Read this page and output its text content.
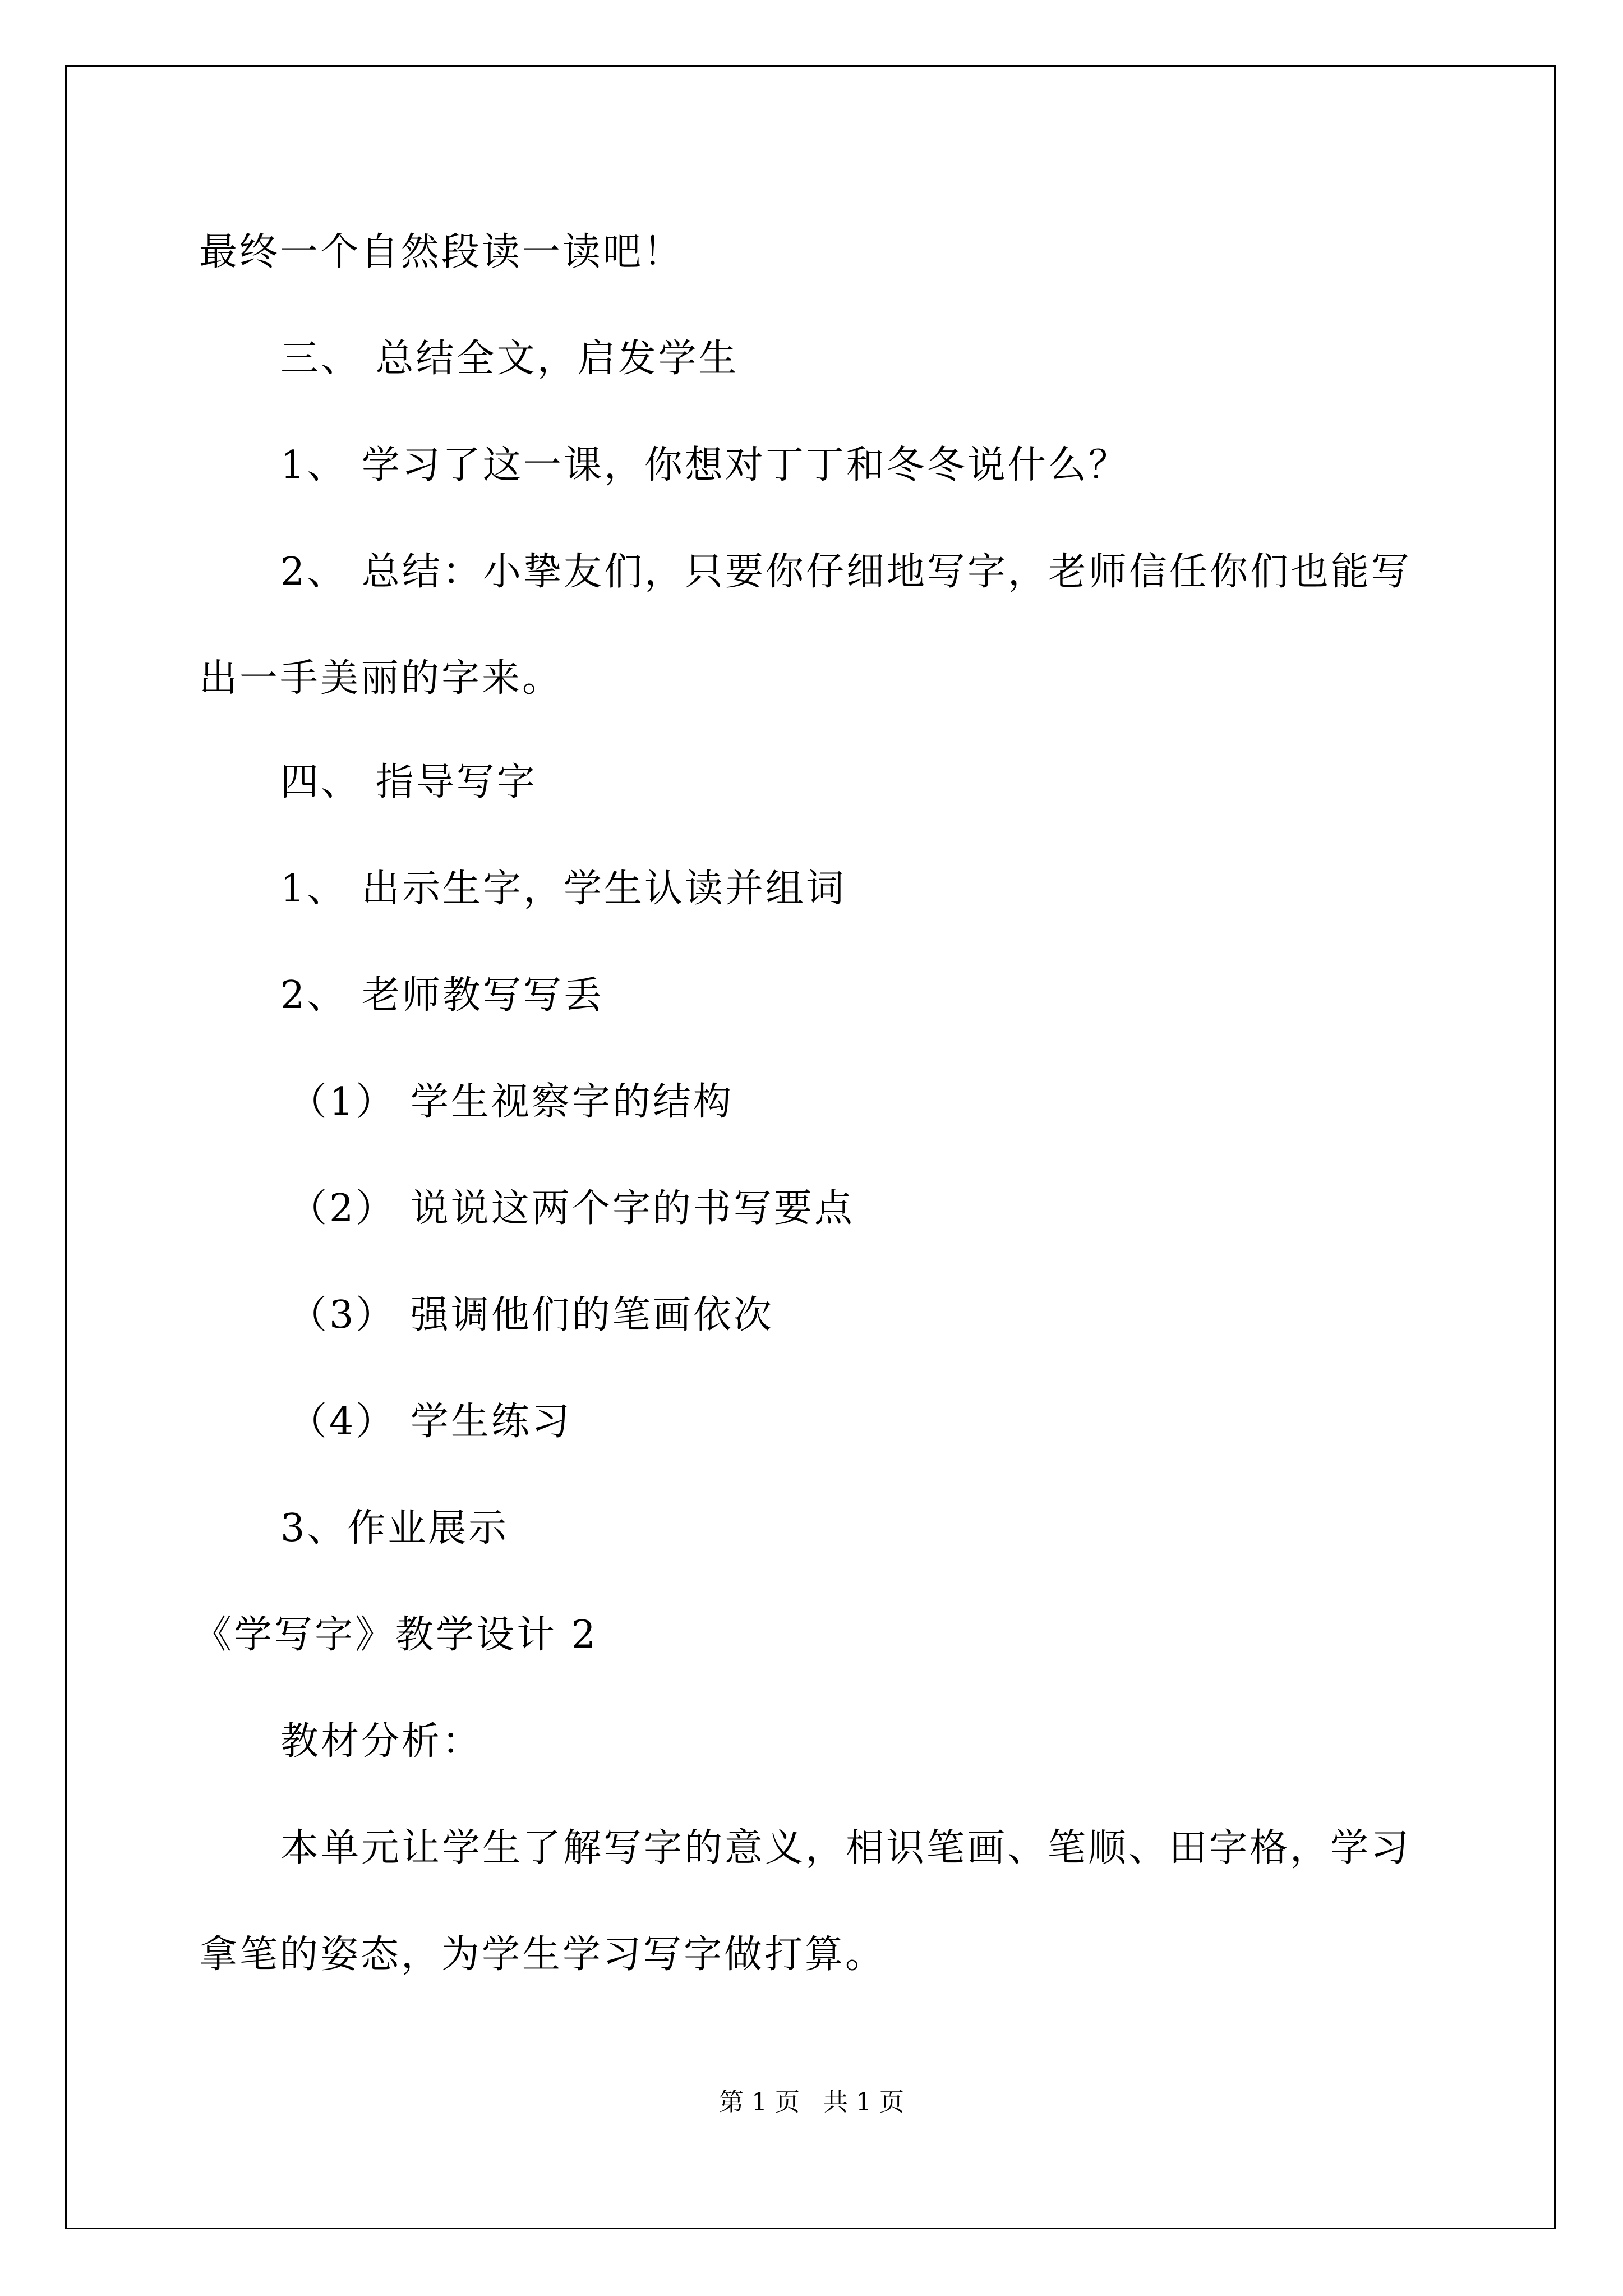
最终一个自然段读一读吧！
三、 总结全文，启发学生
1、 学习了这一课，你想对丁丁和冬冬说什么？
2、 总结：小挚友们，只要你仔细地写字，老师信任你们也能写
出一手美丽的字来。
四、 指导写字
1、 出示生字，学生认读并组词
2、 老师教写写丢
（1） 学生视察字的结构
（2） 说说这两个字的书写要点
（3） 强调他们的笔画依次
（4） 学生练习
3、作业展示
《学写字》教学设计 2
教材分析：
本单元让学生了解写字的意义，相识笔画、笔顺、田字格，学习
拿笔的姿态，为学生学习写字做打算。
第 1 页   共 1 页
